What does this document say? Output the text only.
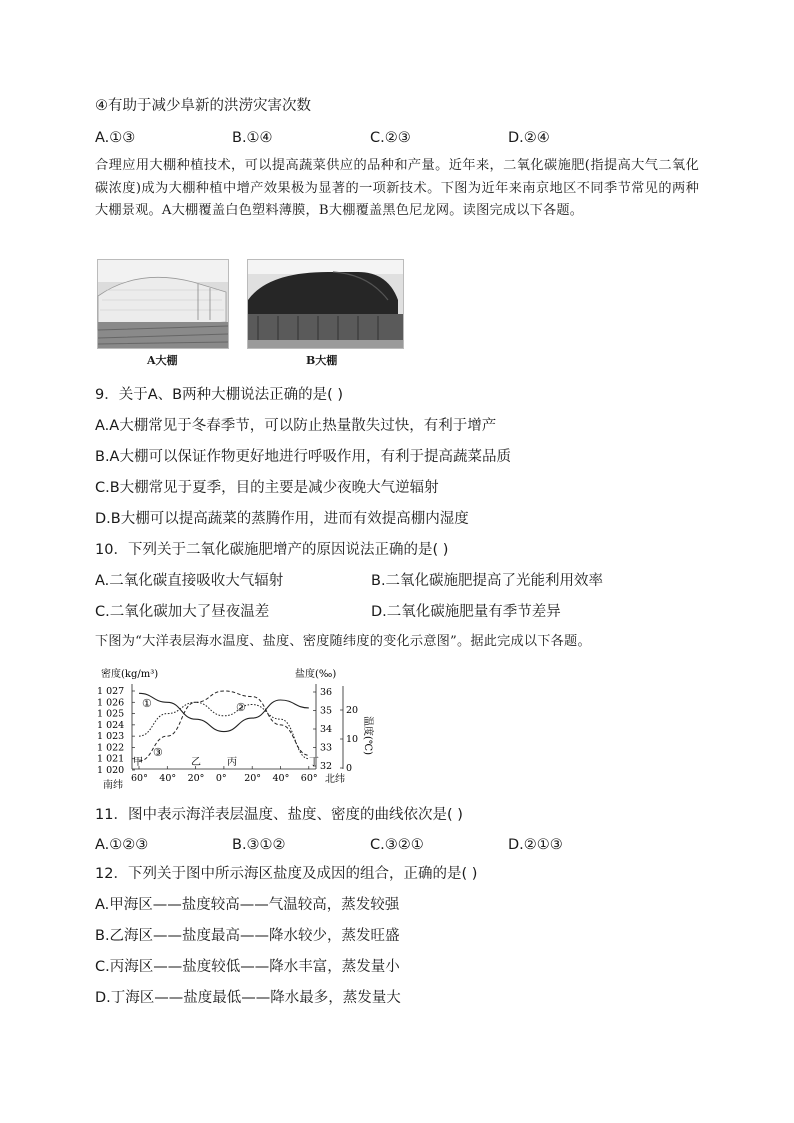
④有助于减少阜新的洪涝灾害次数
A.①③	B.①④	C.②③	D.②④
合理应用大棚种植技术，可以提高蔬菜供应的品种和产量。近年来，二氧化碳施肥(指提高大气二氧化碳浓度)成为大棚种植中增产效果极为显著的一项新技术。下图为近年来南京地区不同季节常见的两种大棚景观。A大棚覆盖白色塑料薄膜，B大棚覆盖黑色尼龙网。读图完成以下各题。
A大棚	B大棚
9．关于A、B两种大棚说法正确的是( )
A.A大棚常见于冬春季节，可以防止热量散失过快，有利于增产
B.A大棚可以保证作物更好地进行呼吸作用，有利于提高蔬菜品质
C.B大棚常见于夏季，目的主要是减少夜晚大气逆辐射
D.B大棚可以提高蔬菜的蒸腾作用，进而有效提高棚内湿度
10．下列关于二氧化碳施肥增产的原因说法正确的是( )
A.二氧化碳直接吸收大气辐射	B.二氧化碳施肥提高了光能利用效率
C.二氧化碳加大了昼夜温差	D.二氧化碳施肥量有季节差异
下图为“大洋表层海水温度、盐度、密度随纬度的变化示意图”。据此完成以下各题。
密度(kg/m³)	盐度(‰)
1 027
1 026
1 025
1 024
1 023
1 022
1 021
1 020
36
35
34
33
32
20
10
0
60° 40° 20° 0° 20° 40° 60°
温度(℃)
①	②
③
甲	乙	丙	丁
南纬
北纬
11．图中表示海洋表层温度、盐度、密度的曲线依次是( )
A.①②③	B.③①②	C.③②①	D.②①③
12．下列关于图中所示海区盐度及成因的组合，正确的是( )
A.甲海区——盐度较高——气温较高，蒸发较强
B.乙海区——盐度最高——降水较少，蒸发旺盛
C.丙海区——盐度较低——降水丰富，蒸发量小
D.丁海区——盐度最低——降水最多，蒸发量大
